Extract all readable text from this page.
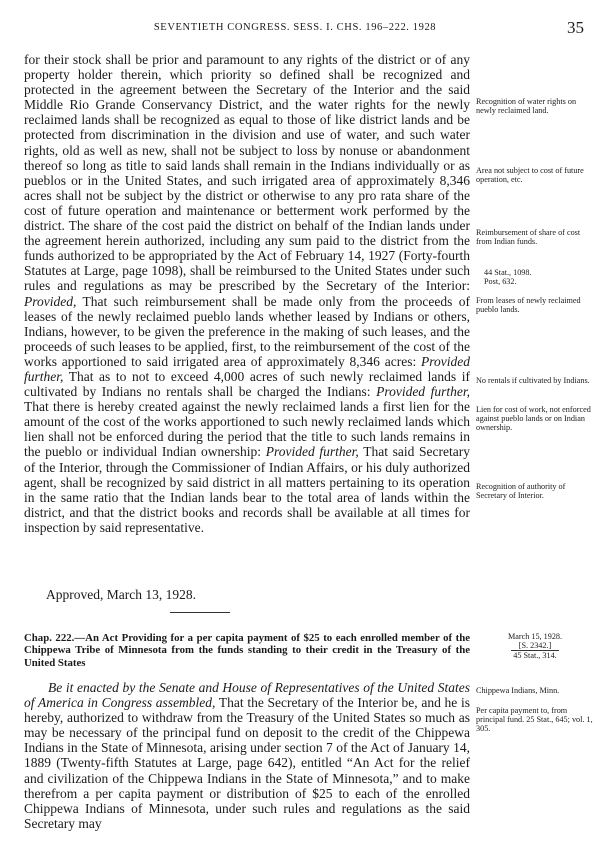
SEVENTIETH CONGRESS. SESS. I. CHS. 196–222. 1928	35

for their stock shall be prior and paramount to any rights of the district or of any property holder therein, which priority so defined shall be recognized and protected in the agreement between the Secretary of the Interior and the said Middle Rio Grande Conservancy District, and the water rights for the newly reclaimed lands shall be recognized as equal to those of like district lands and be protected from discrimination in the division and use of water, and such water rights, old as well as new, shall not be subject to loss by nonuse or abandonment thereof so long as title to said lands shall remain in the Indians individually or as pueblos or in the United States, and such irrigated area of approximately 8,346 acres shall not be subject by the district or otherwise to any pro rata share of the cost of future operation and maintenance or betterment work performed by the district. The share of the cost paid the district on behalf of the Indian lands under the agreement herein authorized, including any sum paid to the district from the funds authorized to be appropriated by the Act of February 14, 1927 (Forty-fourth Statutes at Large, page 1098), shall be reimbursed to the United States under such rules and regulations as may be prescribed by the Secretary of the Interior: Provided, That such reimbursement shall be made only from the proceeds of leases of the newly reclaimed pueblo lands whether leased by Indians or others, Indians, however, to be given the preference in the making of such leases, and the proceeds of such leases to be applied, first, to the reimbursement of the cost of the works apportioned to said irrigated area of approximately 8,346 acres: Provided further, That as to not to exceed 4,000 acres of such newly reclaimed lands if cultivated by Indians no rentals shall be charged the Indians: Provided further, That there is hereby created against the newly reclaimed lands a first lien for the amount of the cost of the works apportioned to such newly reclaimed lands which lien shall not be enforced during the period that the title to such lands remains in the pueblo or individual Indian ownership: Provided further, That said Secretary of the Interior, through the Commissioner of Indian Affairs, or his duly authorized agent, shall be recognized by said district in all matters pertaining to its operation in the same ratio that the Indian lands bear to the total area of lands within the district, and that the district books and records shall be available at all times for inspection by said representative.

Approved, March 13, 1928.
Chap. 222.—An Act Providing for a per capita payment of $25 to each enrolled member of the Chippewa Tribe of Minnesota from the funds standing to their credit in the Treasury of the United States

Be it enacted by the Senate and House of Representatives of the United States of America in Congress assembled, That the Secretary of the Interior be, and he is hereby, authorized to withdraw from the Treasury of the United States so much as may be necessary of the principal fund on deposit to the credit of the Chippewa Indians in the State of Minnesota, arising under section 7 of the Act of January 14, 1889 (Twenty-fifth Statutes at Large, page 642), entitled “An Act for the relief and civilization of the Chippewa Indians in the State of Minnesota,” and to make therefrom a per capita payment or distribution of $25 to each of the enrolled Chippewa Indians of Minnesota, under such rules and regulations as the said Secretary may

Recognition of water rights on newly reclaimed land.
Area not subject to cost of future operation, etc.
Reimbursement of share of cost from Indian funds.
44 Stat., 1098.
Post, 632.
From leases of newly reclaimed pueblo lands.
No rentals if cultivated by Indians.
Lien for cost of work, not enforced against pueblo lands or on Indian ownership.
Recognition of authority of Secretary of Interior.
March 15, 1928.
[S. 2342.]
45 Stat., 314.
Chippewa Indians, Minn.
Per capita payment to, from principal fund. 25 Stat., 645; vol. 1, 305.
